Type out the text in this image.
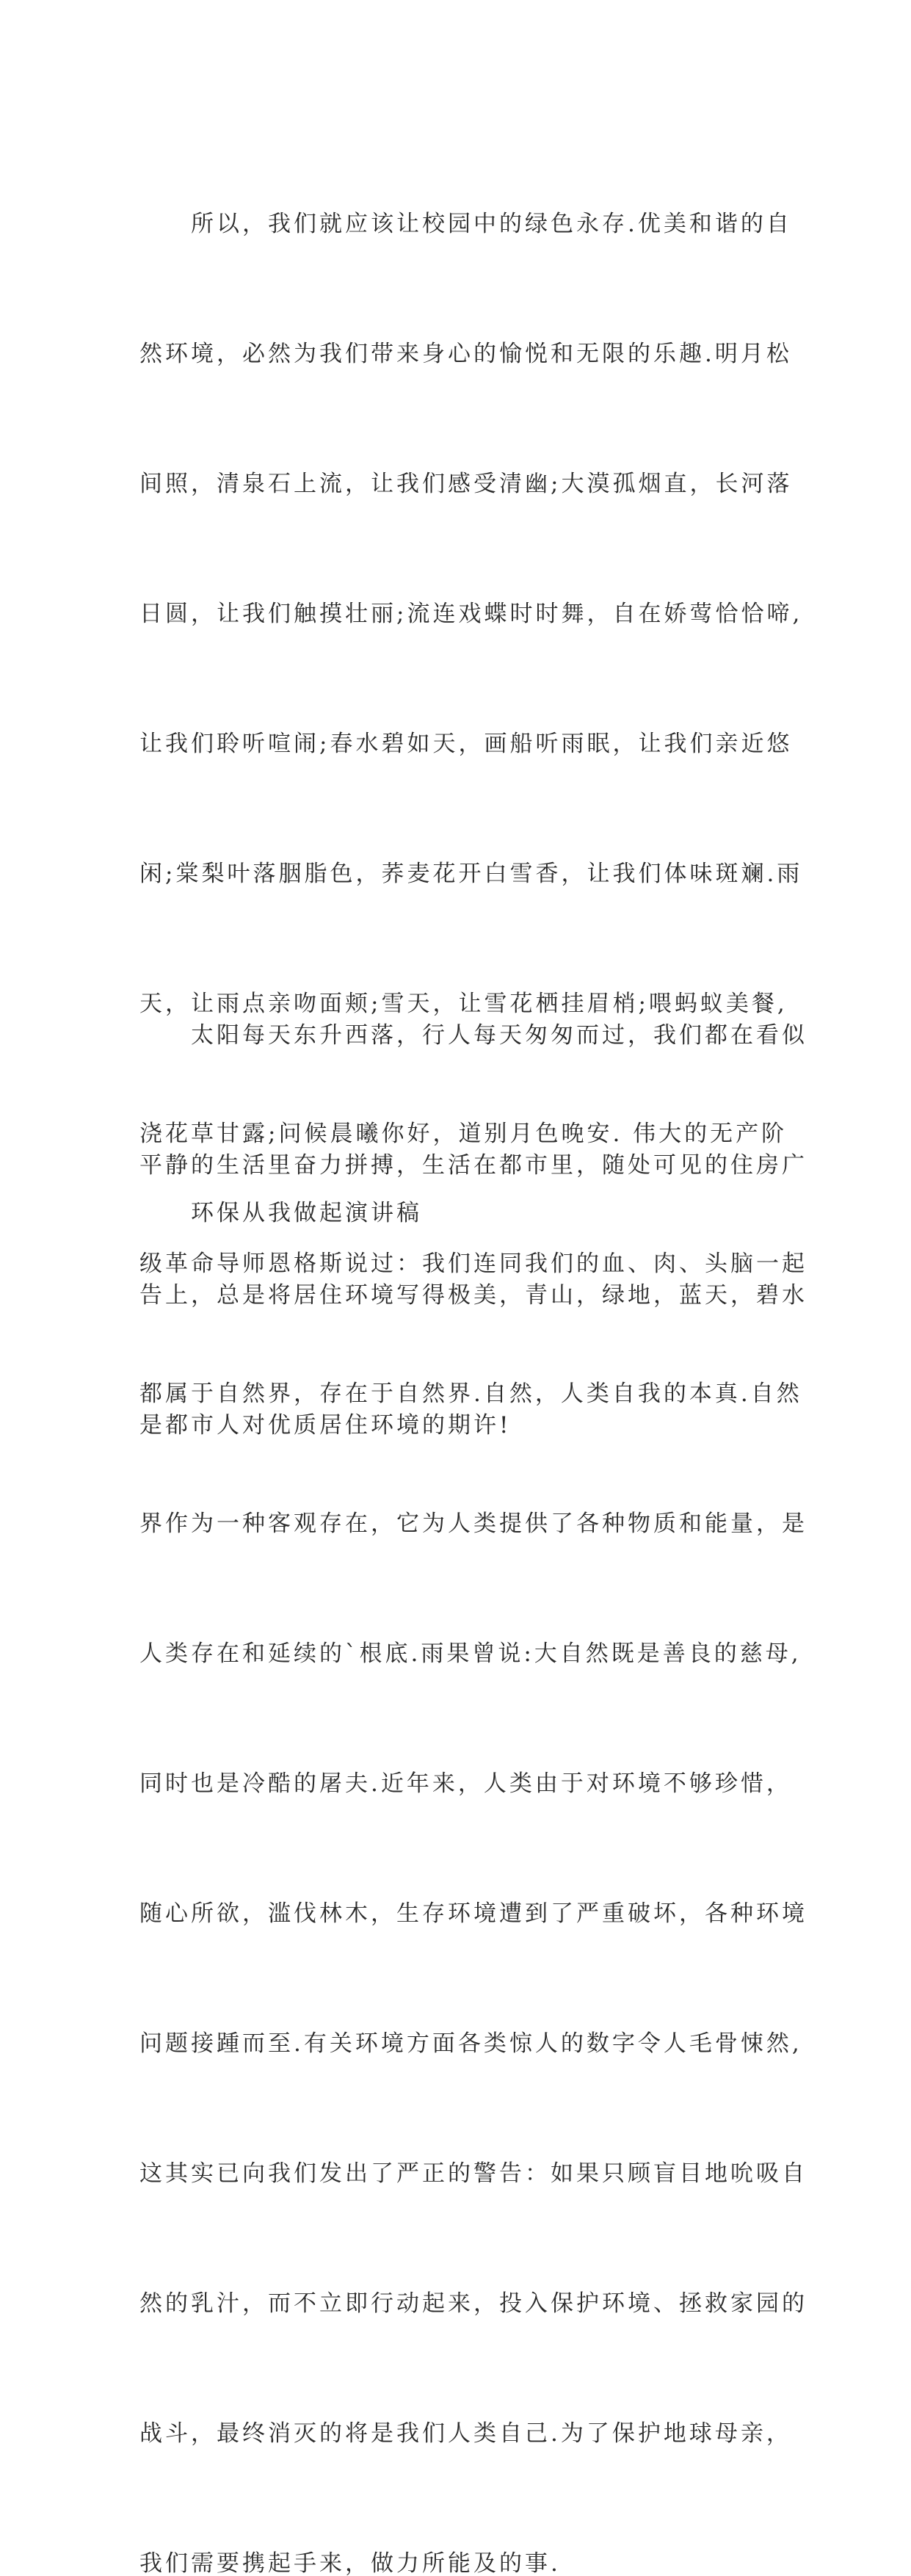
　　所以，我们就应该让校园中的绿色永存.优美和谐的自

然环境，必然为我们带来身心的愉悦和无限的乐趣.明月松

间照，清泉石上流，让我们感受清幽;大漠孤烟直，长河落

日圆，让我们触摸壮丽;流连戏蝶时时舞，自在娇莺恰恰啼,

让我们聆听喧闹;春水碧如天，画船听雨眠，让我们亲近悠

闲;棠梨叶落胭脂色，荞麦花开白雪香，让我们体味斑斓.雨

天，让雨点亲吻面颊;雪天，让雪花栖挂眉梢;喂蚂蚁美餐,

浇花草甘露;问候晨曦你好，道别月色晚安. 伟大的无产阶

级革命导师恩格斯说过：我们连同我们的血、肉、头脑一起

都属于自然界，存在于自然界.自然，人类自我的本真.自然

界作为一种客观存在，它为人类提供了各种物质和能量，是

人类存在和延续的`根底.雨果曾说:大自然既是善良的慈母,

同时也是冷酷的屠夫.近年来，人类由于对环境不够珍惜，

随心所欲，滥伐林木，生存环境遭到了严重破坏，各种环境

问题接踵而至.有关环境方面各类惊人的数字令人毛骨悚然,

这其实已向我们发出了严正的警告：如果只顾盲目地吮吸自

然的乳汁，而不立即行动起来，投入保护环境、拯救家园的

战斗，最终消灭的将是我们人类自己.为了保护地球母亲，

我们需要携起手来，做力所能及的事.

　　太阳每天东升西落，行人每天匆匆而过，我们都在看似

平静的生活里奋力拼搏，生活在都市里，随处可见的住房广

告上，总是将居住环境写得极美，青山，绿地，蓝天，碧水

是都市人对优质居住环境的期许!

　　环保从我做起演讲稿
